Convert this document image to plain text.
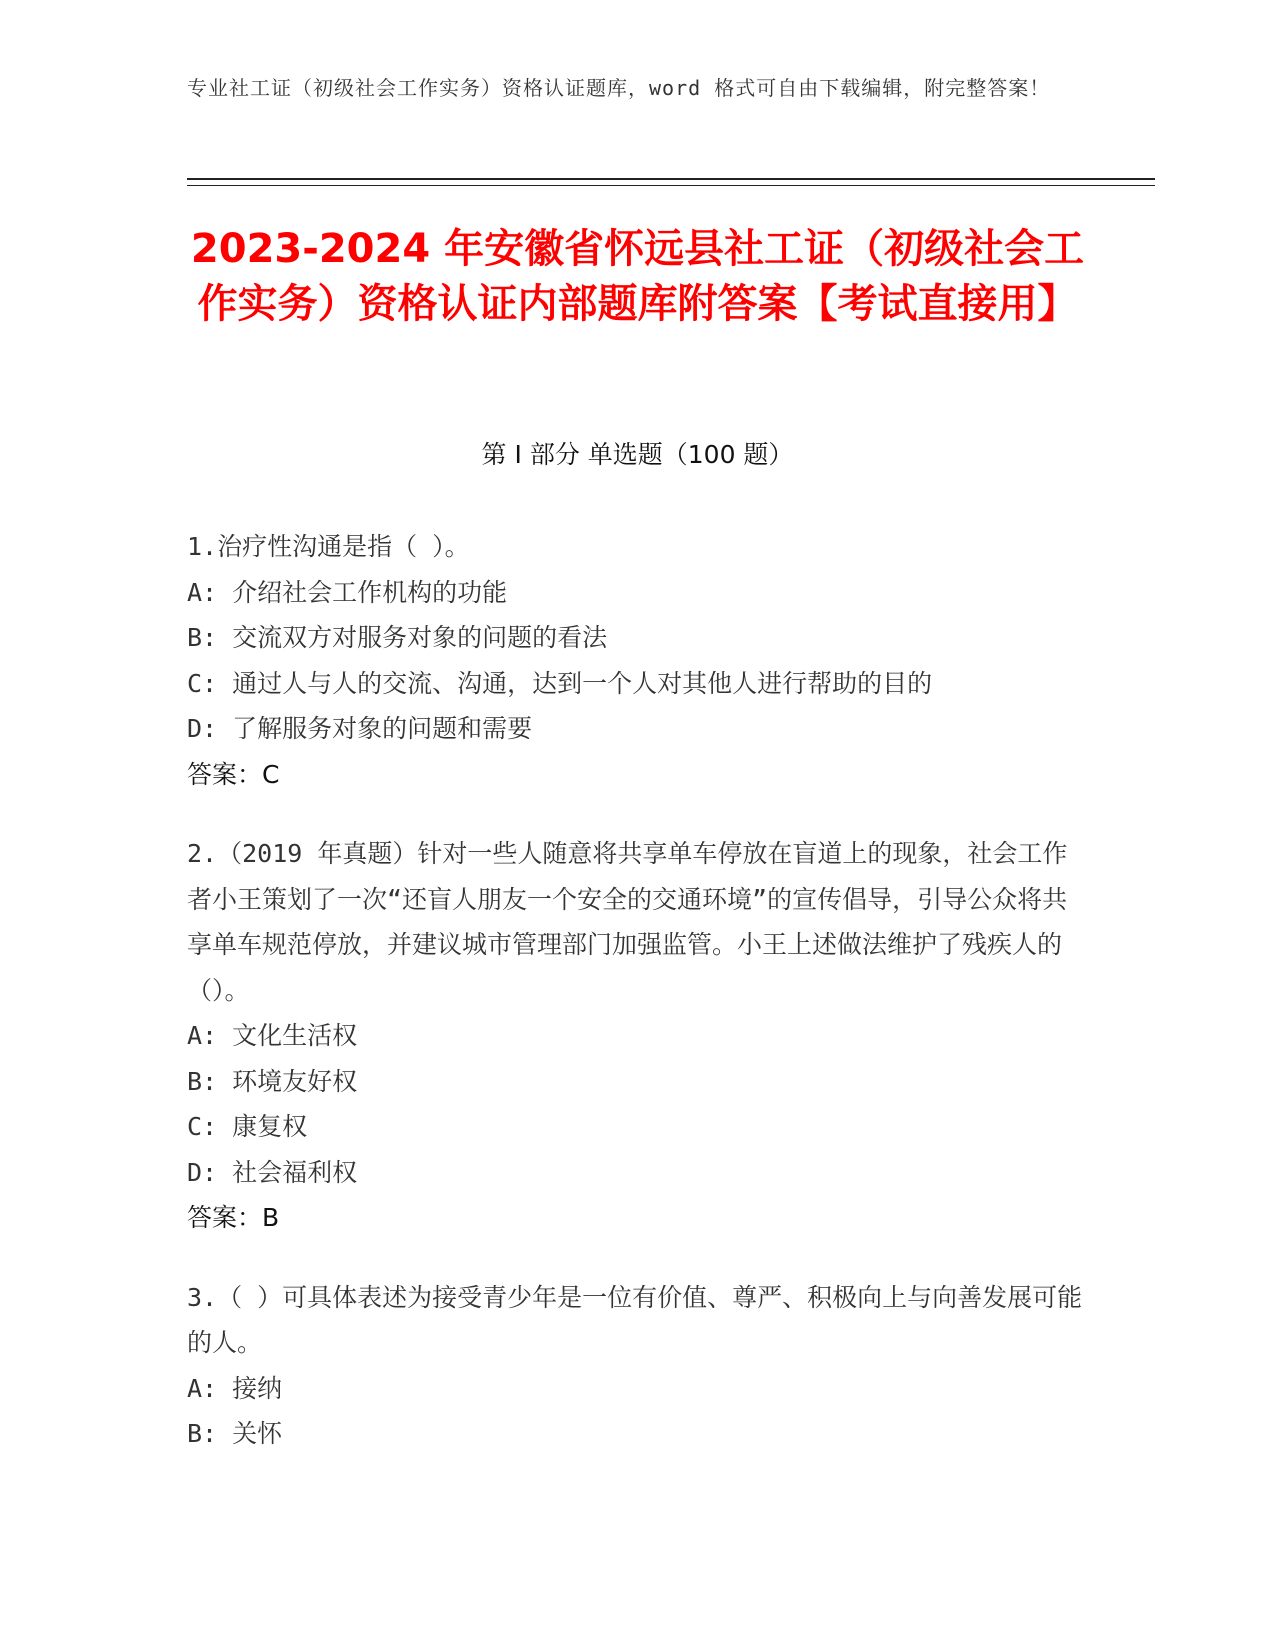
专业社工证（初级社会工作实务）资格认证题库，word 格式可自由下载编辑，附完整答案！
2023-2024 年安徽省怀远县社工证（初级社会工作实务）资格认证内部题库附答案【考试直接用】
第 I 部分 单选题（100 题）

1.治疗性沟通是指（ ）。

A: 介绍社会工作机构的功能

B: 交流双方对服务对象的问题的看法

C: 通过人与人的交流、沟通，达到一个人对其他人进行帮助的目的

D: 了解服务对象的问题和需要

答案：C

2.（2019 年真题）针对一些人随意将共享单车停放在盲道上的现象，社会工作者小王策划了一次“还盲人朋友一个安全的交通环境”的宣传倡导，引导公众将共享单车规范停放，并建议城市管理部门加强监管。小王上述做法维护了残疾人的（）。

A: 文化生活权

B: 环境友好权

C: 康复权

D: 社会福利权

答案：B

3.（ ）可具体表述为接受青少年是一位有价值、尊严、积极向上与向善发展可能的人。

A: 接纳

B: 关怀
